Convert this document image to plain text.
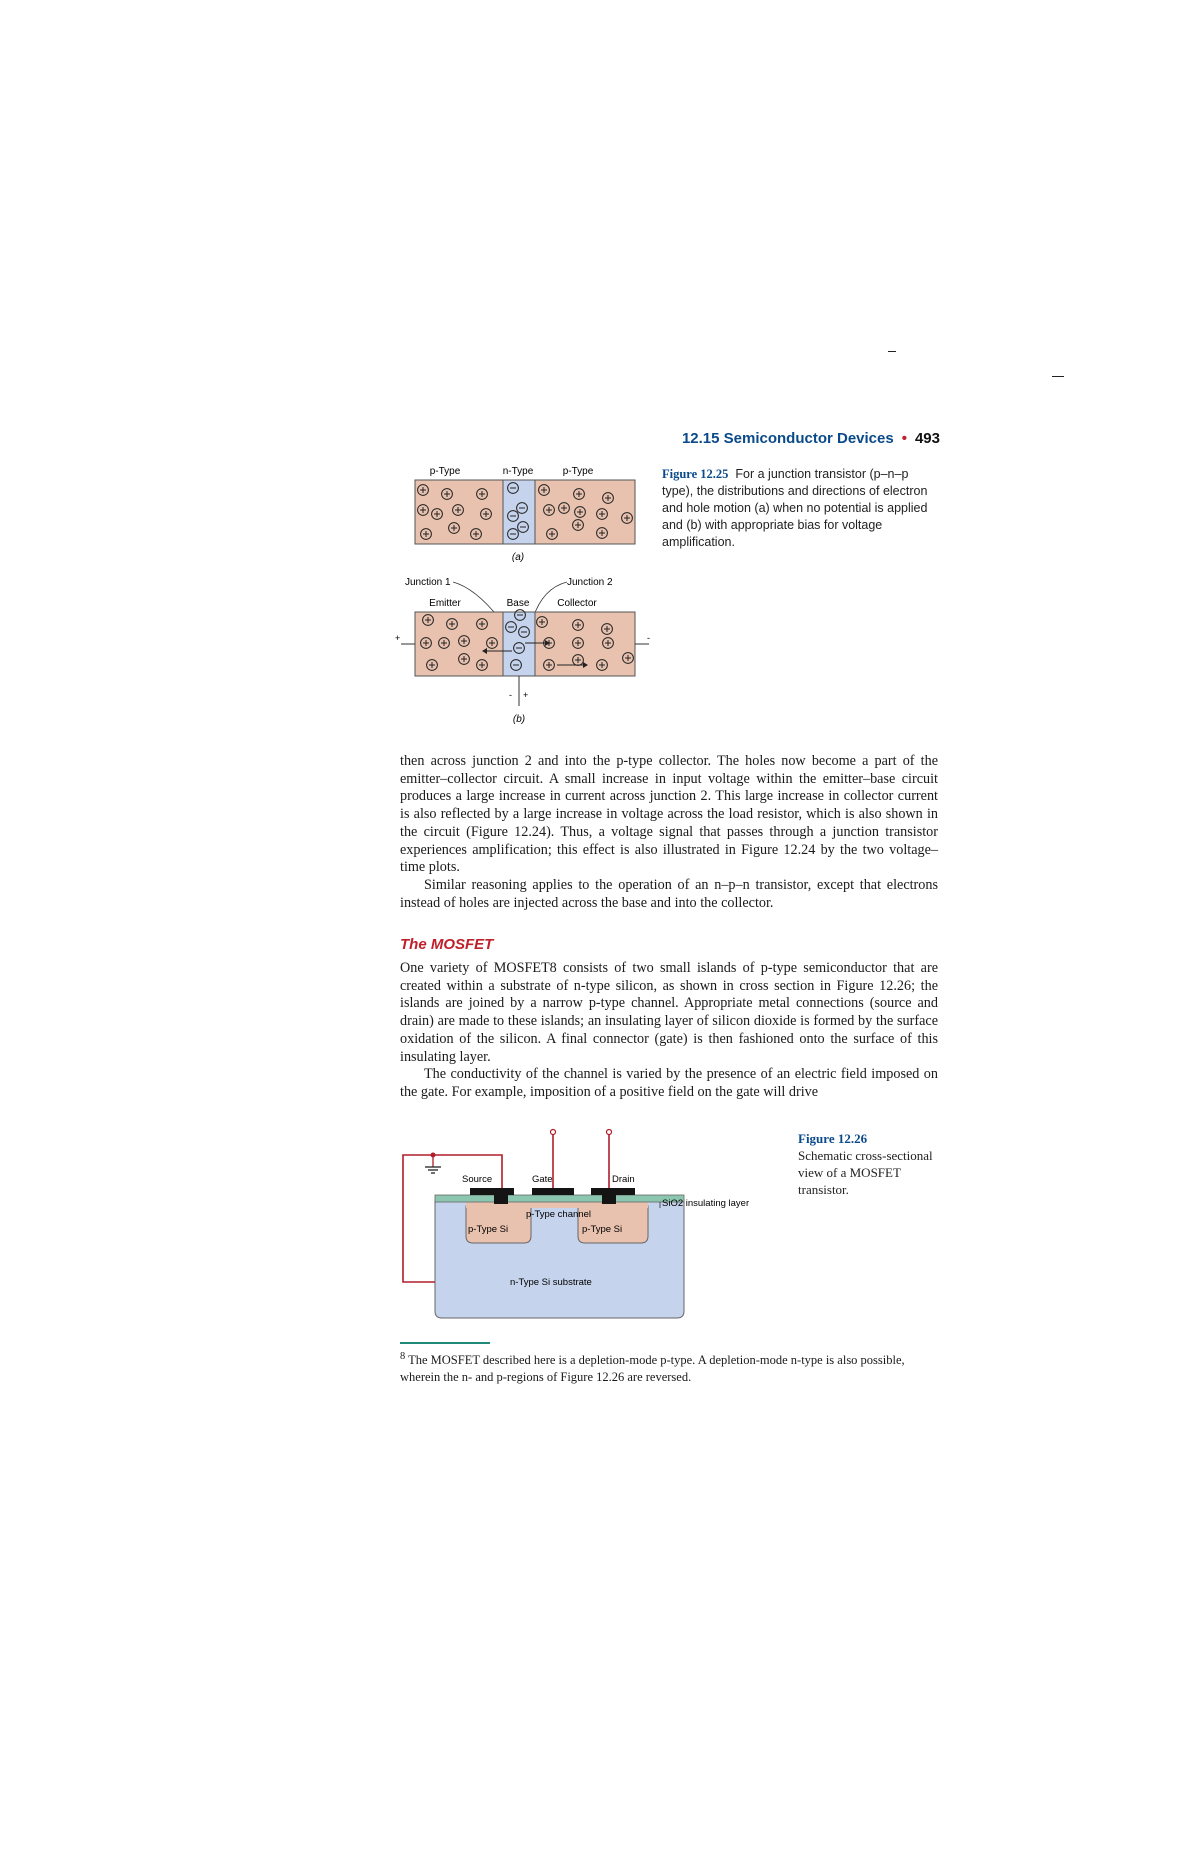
12.15 Semiconductor Devices • 493
p-Type	n-Type	p-Type
(a)
Junction 1	Junction 2
Emitter	Base	Collector
+	-
- +
(b)
Figure 12.25 For a junction transistor (p–n–p type), the distributions and directions of electron and hole motion (a) when no potential is applied and (b) with appropriate bias for voltage amplification.

then across junction 2 and into the p-type collector. The holes now become a part of the emitter–collector circuit. A small increase in input voltage within the emitter–base circuit produces a large increase in current across junction 2. This large increase in collector current is also reflected by a large increase in voltage across the load resistor, which is also shown in the circuit (Figure 12.24). Thus, a voltage signal that passes through a junction transistor experiences amplification; this effect is also illustrated in Figure 12.24 by the two voltage–time plots.

Similar reasoning applies to the operation of an n–p–n transistor, except that electrons instead of holes are injected across the base and into the collector.

The MOSFET

One variety of MOSFET8 consists of two small islands of p-type semiconductor that are created within a substrate of n-type silicon, as shown in cross section in Figure 12.26; the islands are joined by a narrow p-type channel. Appropriate metal connections (source and drain) are made to these islands; an insulating layer of silicon dioxide is formed by the surface oxidation of the silicon. A final connector (gate) is then fashioned onto the surface of this insulating layer.

The conductivity of the channel is varied by the presence of an electric field imposed on the gate. For example, imposition of a positive field on the gate will drive

Source	Gate	Drain
SiO2 insulating layer
p-Type channel
p-Type Si	p-Type Si
n-Type Si substrate
Figure 12.26
Schematic cross-sectional view of a MOSFET transistor.
$^8$ The MOSFET described here is a depletion-mode p-type. A depletion-mode n-type is also possible, wherein the n- and p-regions of Figure 12.26 are reversed.
